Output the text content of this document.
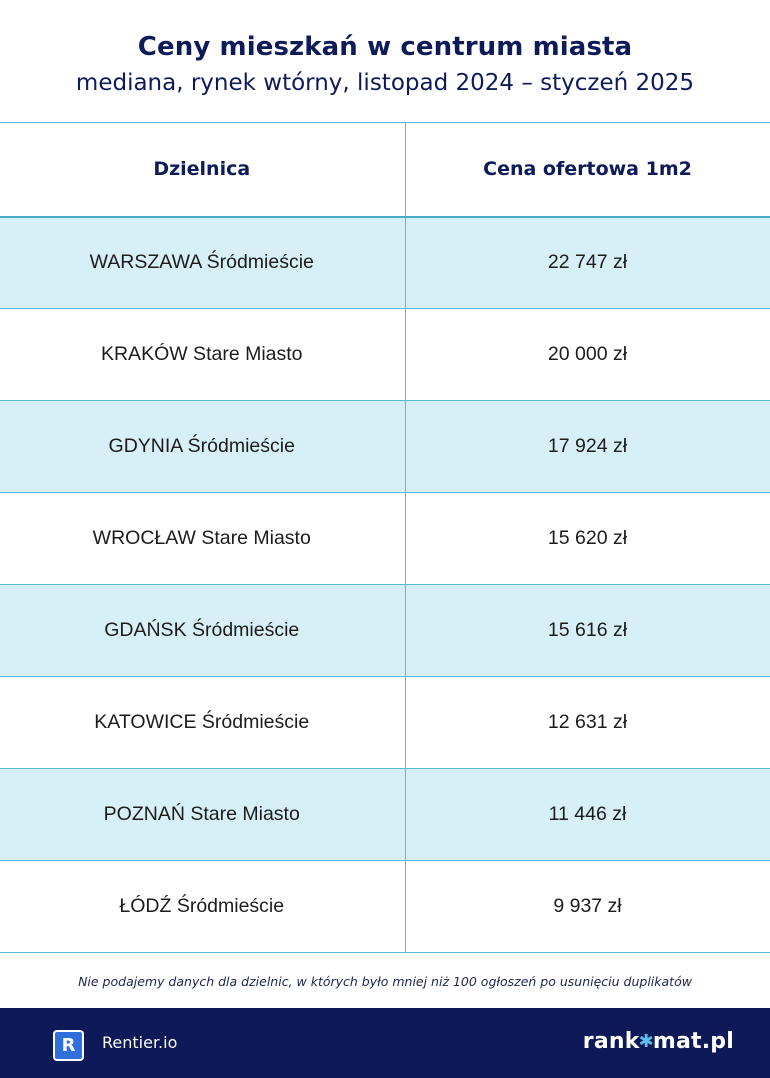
Ceny mieszkań w centrum miasta
mediana, rynek wtórny, listopad 2024 – styczeń 2025
Dzielnica	Cena ofertowa 1m2
WARSZAWA Śródmieście	22 747 zł
KRAKÓW Stare Miasto	20 000 zł
GDYNIA Śródmieście	17 924 zł
WROCŁAW Stare Miasto	15 620 zł
GDAŃSK Śródmieście	15 616 zł
KATOWICE Śródmieście	12 631 zł
POZNAŃ Stare Miasto	11 446 zł
ŁÓDŹ Śródmieście	9 937 zł
Nie podajemy danych dla dzielnic, w których było mniej niż 100 ogłoszeń po usunięciu duplikatów
R	Rentier.io	rank✱mat.pl
